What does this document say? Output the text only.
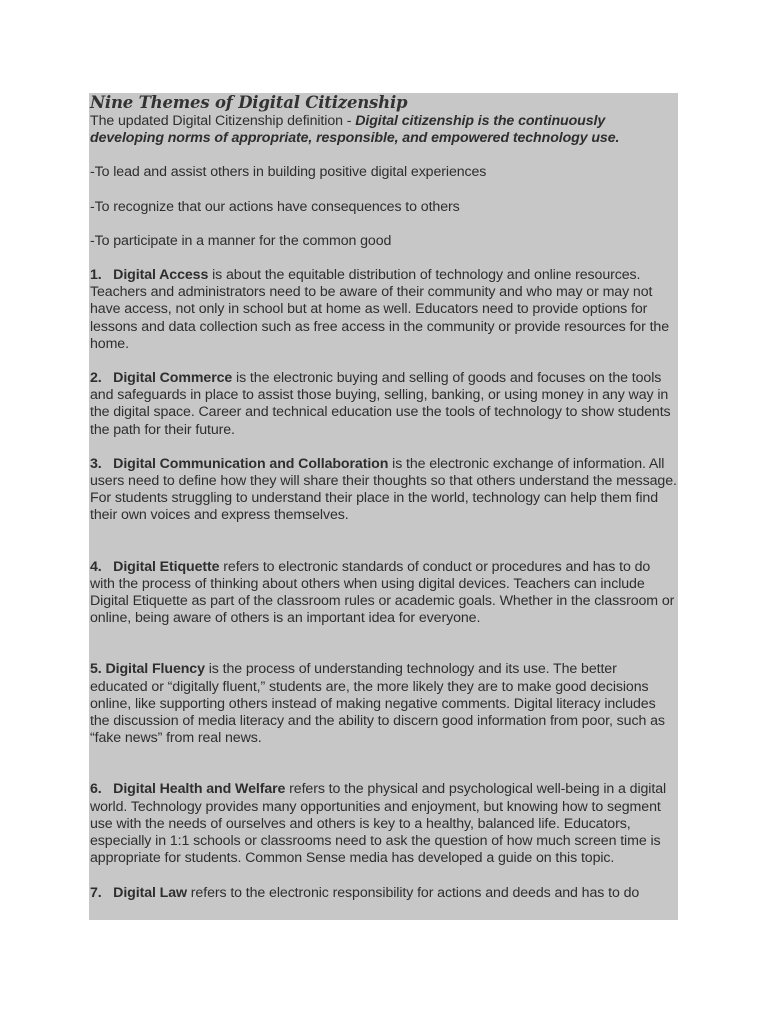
Nine Themes of Digital Citizenship

The updated Digital Citizenship definition - Digital citizenship is the continuously developing norms of appropriate, responsible, and empowered technology use.

-To lead and assist others in building positive digital experiences

-To recognize that our actions have consequences to others

-To participate in a manner for the common good

1. Digital Access is about the equitable distribution of technology and online resources. Teachers and administrators need to be aware of their community and who may or may not have access, not only in school but at home as well. Educators need to provide options for lessons and data collection such as free access in the community or provide resources for the home.

2. Digital Commerce is the electronic buying and selling of goods and focuses on the tools and safeguards in place to assist those buying, selling, banking, or using money in any way in the digital space. Career and technical education use the tools of technology to show students the path for their future.

3. Digital Communication and Collaboration is the electronic exchange of information. All users need to define how they will share their thoughts so that others understand the message. For students struggling to understand their place in the world, technology can help them find their own voices and express themselves.

4. Digital Etiquette refers to electronic standards of conduct or procedures and has to do with the process of thinking about others when using digital devices. Teachers can include Digital Etiquette as part of the classroom rules or academic goals. Whether in the classroom or online, being aware of others is an important idea for everyone.

5. Digital Fluency is the process of understanding technology and its use. The better educated or “digitally fluent,” students are, the more likely they are to make good decisions online, like supporting others instead of making negative comments. Digital literacy includes the discussion of media literacy and the ability to discern good information from poor, such as “fake news” from real news.

6. Digital Health and Welfare refers to the physical and psychological well-being in a digital world. Technology provides many opportunities and enjoyment, but knowing how to segment use with the needs of ourselves and others is key to a healthy, balanced life. Educators, especially in 1:1 schools or classrooms need to ask the question of how much screen time is appropriate for students. Common Sense media has developed a guide on this topic.

7. Digital Law refers to the electronic responsibility for actions and deeds and has to do
